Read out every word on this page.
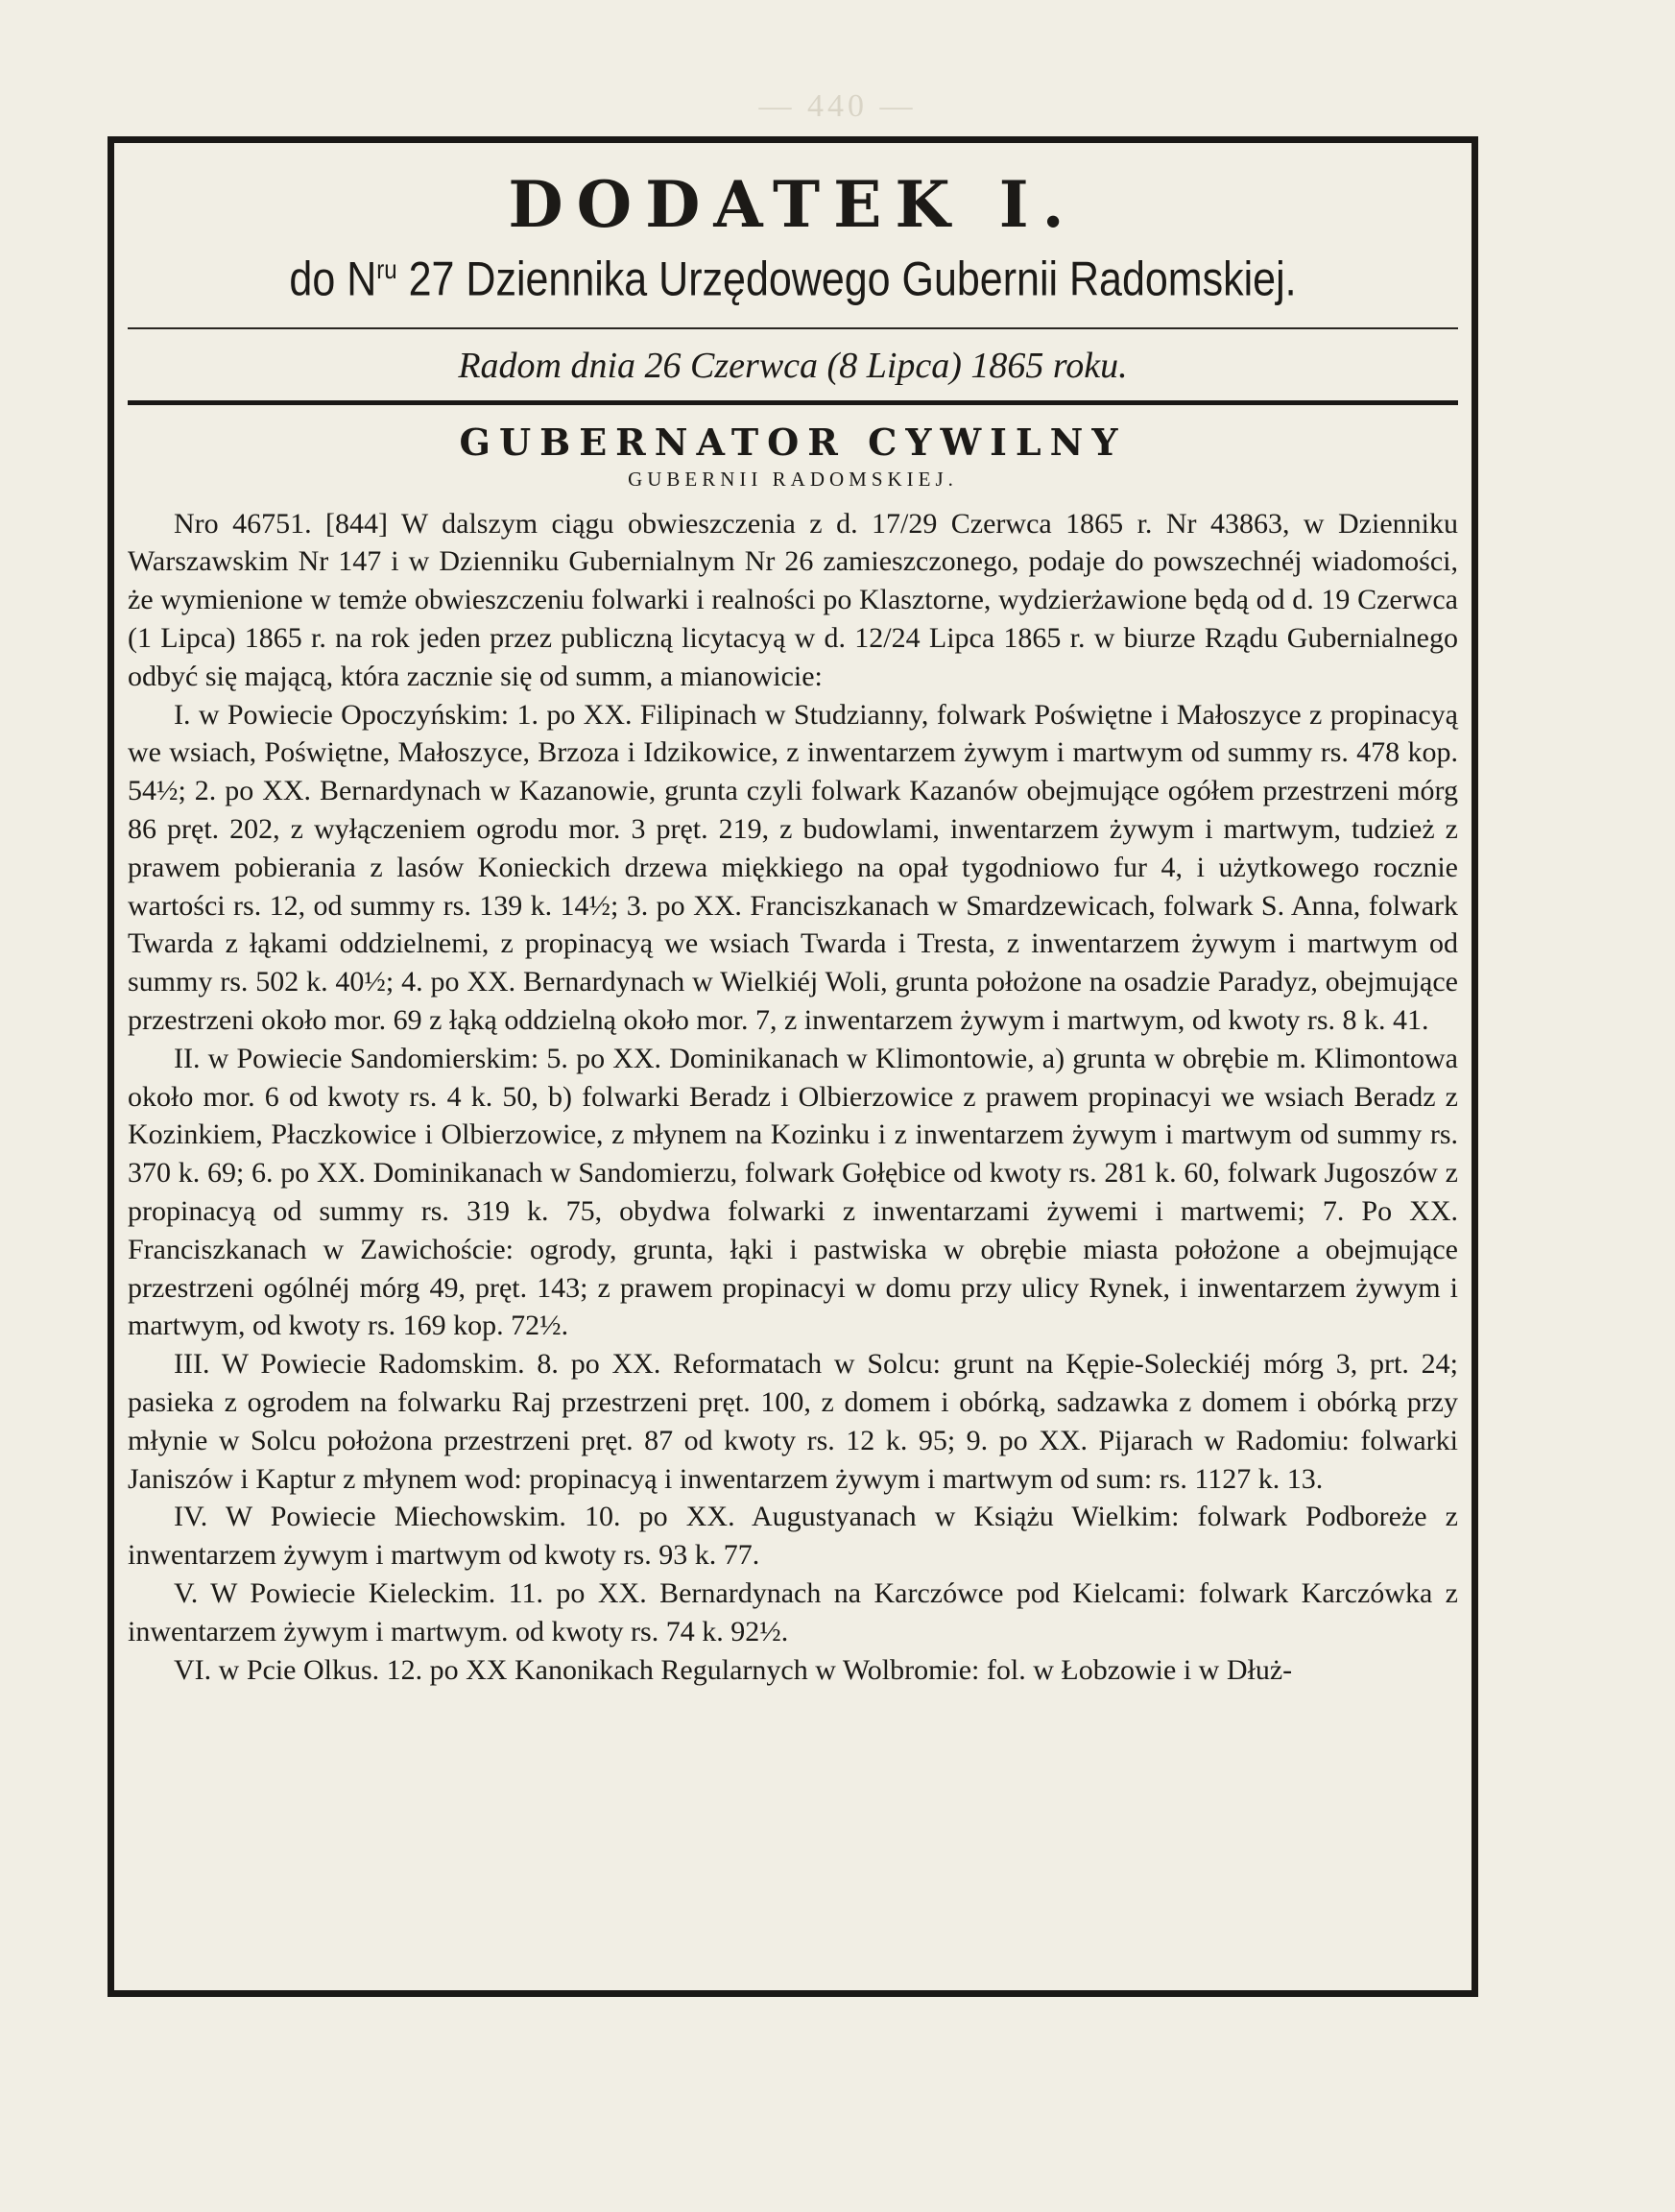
— 440 —
DODATEK I.
do $N^{ru}$ 27 Dziennika Urzędowego Gubernii Radomskiej.
Radom dnia 26 Czerwca (8 Lipca) 1865 roku.
GUBERNATOR CYWILNY
GUBERNII RADOMSKIEJ.

Nro 46751. [844] W dalszym ciągu obwieszczenia z d. 17/29 Czerwca 1865 r. Nr 43863, w Dzienniku Warszawskim Nr 147 i w Dzienniku Gubernialnym Nr 26 zamieszczonego, podaje do powszechnéj wiadomości, że wymienione w temże obwieszczeniu folwarki i realności po Klasztorne, wydzierżawione będą od d. 19 Czerwca (1 Lipca) 1865 r. na rok jeden przez publiczną licytacyą w d. 12/24 Lipca 1865 r. w biurze Rządu Gubernialnego odbyć się mającą, która zacznie się od summ, a mianowicie:

I. w Powiecie Opoczyńskim: 1. po XX. Filipinach w Studzianny, folwark Poświętne i Małoszyce z propinacyą we wsiach, Poświętne, Małoszyce, Brzoza i Idzikowice, z inwentarzem żywym i martwym od summy rs. 478 kop. 54½; 2. po XX. Bernardynach w Kazanowie, grunta czyli folwark Kazanów obejmujące ogółem przestrzeni mórg 86 pręt. 202, z wyłączeniem ogrodu mor. 3 pręt. 219, z budowlami, inwentarzem żywym i martwym, tudzież z prawem pobierania z lasów Konieckich drzewa miękkiego na opał tygodniowo fur 4, i użytkowego rocznie wartości rs. 12, od summy rs. 139 k. 14½; 3. po XX. Franciszkanach w Smardzewicach, folwark S. Anna, folwark Twarda z łąkami oddzielnemi, z propinacyą we wsiach Twarda i Tresta, z inwentarzem żywym i martwym od summy rs. 502 k. 40½; 4. po XX. Bernardynach w Wielkiéj Woli, grunta położone na osadzie Paradyz, obejmujące przestrzeni około mor. 69 z łąką oddzielną około mor. 7, z inwentarzem żywym i martwym, od kwoty rs. 8 k. 41.

II. w Powiecie Sandomierskim: 5. po XX. Dominikanach w Klimontowie, a) grunta w obrębie m. Klimontowa około mor. 6 od kwoty rs. 4 k. 50, b) folwarki Beradz i Olbierzowice z prawem propinacyi we wsiach Beradz z Kozinkiem, Płaczkowice i Olbierzowice, z młynem na Kozinku i z inwentarzem żywym i martwym od summy rs. 370 k. 69; 6. po XX. Dominikanach w Sandomierzu, folwark Gołębice od kwoty rs. 281 k. 60, folwark Jugoszów z propinacyą od summy rs. 319 k. 75, obydwa folwarki z inwentarzami żywemi i martwemi; 7. Po XX. Franciszkanach w Zawichoście: ogrody, grunta, łąki i pastwiska w obrębie miasta położone a obejmujące przestrzeni ogólnéj mórg 49, pręt. 143; z prawem propinacyi w domu przy ulicy Rynek, i inwentarzem żywym i martwym, od kwoty rs. 169 kop. 72½.

III. W Powiecie Radomskim. 8. po XX. Reformatach w Solcu: grunt na Kępie-Soleckiéj mórg 3, prt. 24; pasieka z ogrodem na folwarku Raj przestrzeni pręt. 100, z domem i obórką, sadzawka z domem i obórką przy młynie w Solcu położona przestrzeni pręt. 87 od kwoty rs. 12 k. 95; 9. po XX. Pijarach w Radomiu: folwarki Janiszów i Kaptur z młynem wod: propinacyą i inwentarzem żywym i martwym od sum: rs. 1127 k. 13.

IV. W Powiecie Miechowskim. 10. po XX. Augustyanach w Książu Wielkim: folwark Podboreże z inwentarzem żywym i martwym od kwoty rs. 93 k. 77.

V. W Powiecie Kieleckim. 11. po XX. Bernardynach na Karczówce pod Kielcami: folwark Karczówka z inwentarzem żywym i martwym. od kwoty rs. 74 k. 92½.

VI. w Pcie Olkus. 12. po XX Kanonikach Regularnych w Wolbromie: fol. w Łobzowie i w Dłuż-
